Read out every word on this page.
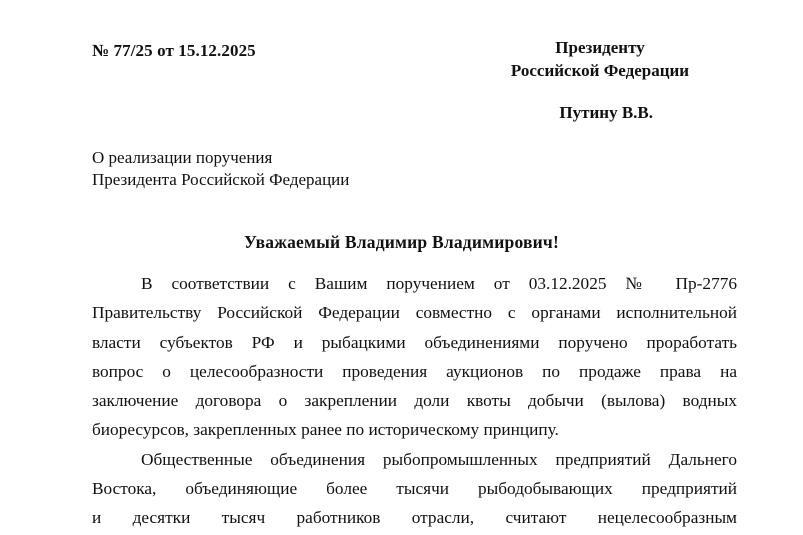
№ 77/25 от 15.12.2025	Президенту
Российской Федерации
Путину В.В.
О реализации поручения
Президента Российской Федерации
Уважаемый Владимир Владимирович!
В соответствии с Вашим поручением от 03.12.2025 № Пр-2776
Правительству Российской Федерации совместно с органами исполнительной
власти субъектов РФ и рыбацкими объединениями поручено проработать
вопрос о целесообразности проведения аукционов по продаже права на
заключение договора о закреплении доли квоты добычи (вылова) водных
биоресурсов, закрепленных ранее по историческому принципу.
Общественные объединения рыбопромышленных предприятий Дальнего
Востока, объединяющие более тысячи рыбодобывающих предприятий
и десятки тысяч работников отрасли, считают нецелесообразным
